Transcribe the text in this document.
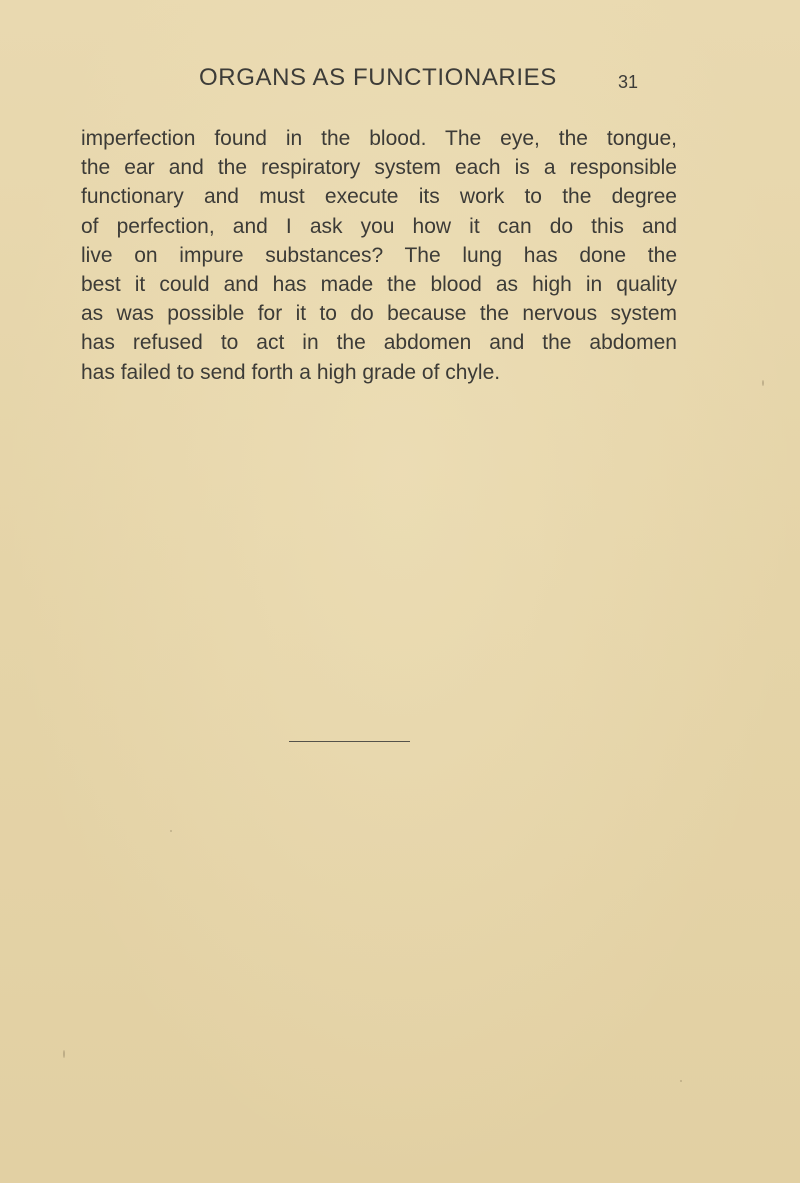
ORGANS AS FUNCTIONARIES	31
imperfection found in the blood. The eye, the tongue,
the ear and the respiratory system each is a responsible
functionary and must execute its work to the degree
of perfection, and I ask you how it can do this and
live on impure substances? The lung has done the
best it could and has made the blood as high in quality
as was possible for it to do because the nervous system
has refused to act in the abdomen and the abdomen
has failed to send forth a high grade of chyle.
